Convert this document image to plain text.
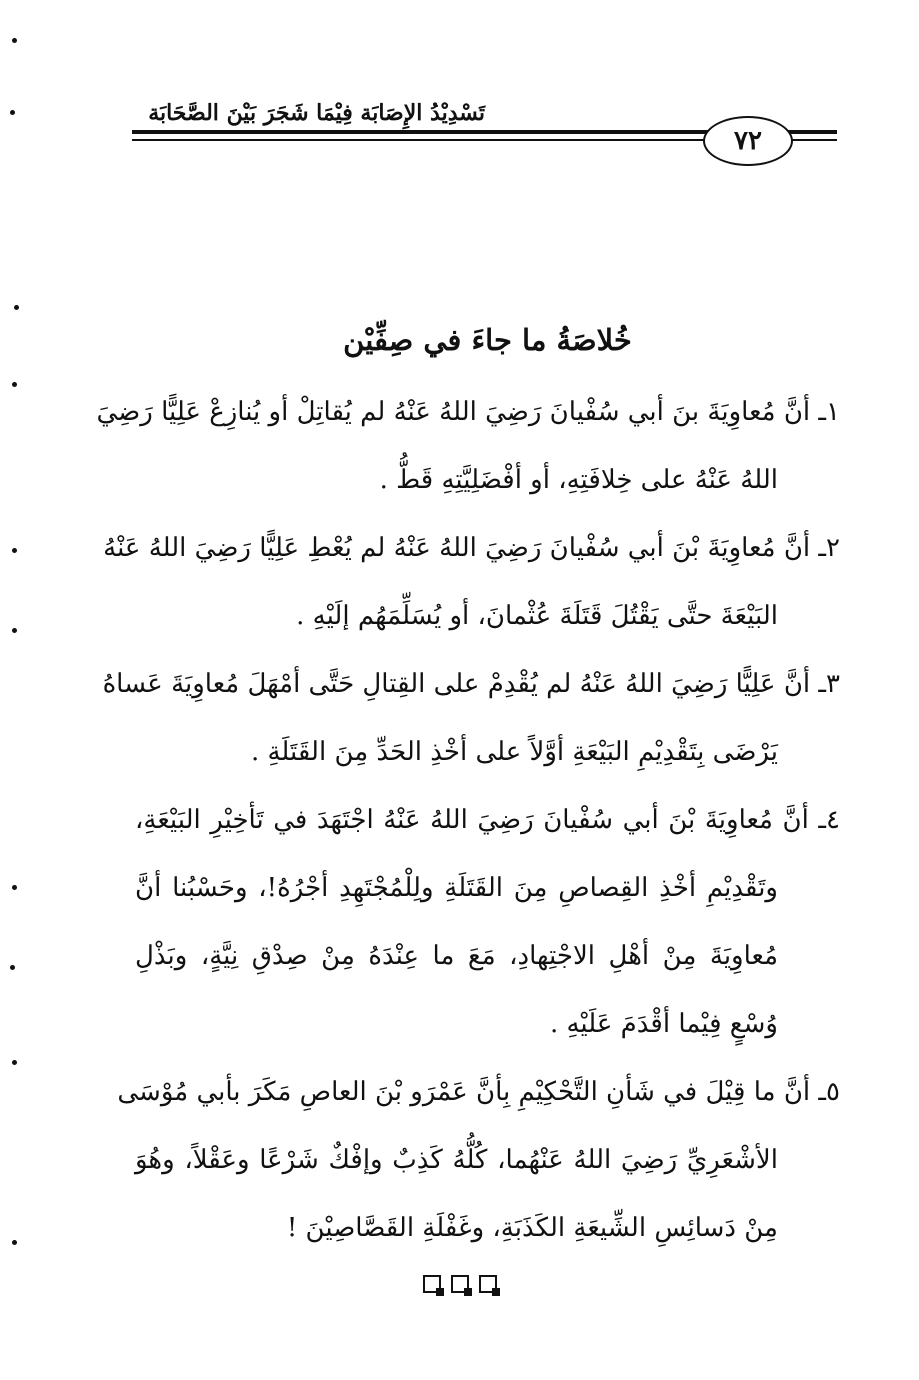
تَسْدِيْدُ الإِصَابَة فِيْمَا شَجَرَ بَيْنَ الصَّحَابَة
٧٢
خُلاصَةُ ما جاءَ في صِفِّيْن
١ـ أنَّ مُعاوِيَةَ بنَ أبي سُفْيانَ رَضِيَ اللهُ عَنْهُ لم يُقاتِلْ أو يُنازِعْ عَلِيًّا رَضِيَ
اللهُ عَنْهُ على خِلافَتِهِ، أو أفْضَلِيَّتِهِ قَطُّ .
٢ـ أنَّ مُعاوِيَةَ بْنَ أبي سُفْيانَ رَضِيَ اللهُ عَنْهُ لم يُعْطِ عَلِيًّا رَضِيَ اللهُ عَنْهُ
البَيْعَةَ حتَّى يَقْتُلَ قَتَلَةَ عُثْمانَ، أو يُسَلِّمَهُم إلَيْهِ .
٣ـ أنَّ عَلِيًّا رَضِيَ اللهُ عَنْهُ لم يُقْدِمْ على القِتالِ حَتَّى أمْهَلَ مُعاوِيَةَ عَساهُ
يَرْضَى بِتَقْدِيْمِ البَيْعَةِ أوَّلاً على أخْذِ الحَدِّ مِنَ القَتَلَةِ .
٤ـ أنَّ مُعاوِيَةَ بْنَ أبي سُفْيانَ رَضِيَ اللهُ عَنْهُ اجْتَهَدَ في تَأخِيْرِ البَيْعَةِ،
وتَقْدِيْمِ أخْذِ القِصاصِ مِنَ القَتَلَةِ ولِلْمُجْتَهِدِ أجْرُهُ!، وحَسْبُنا أنَّ
مُعاوِيَةَ مِنْ أهْلِ الاجْتِهادِ، مَعَ ما عِنْدَهُ مِنْ صِدْقِ نِيَّةٍ، وبَذْلِ
وُسْعٍ فِيْما أقْدَمَ عَلَيْهِ .
٥ـ أنَّ ما قِيْلَ في شَأنِ التَّحْكِيْمِ بِأنَّ عَمْرَو بْنَ العاصِ مَكَرَ بأبي مُوْسَى
الأشْعَرِيِّ رَضِيَ اللهُ عَنْهُما، كُلُّهُ كَذِبٌ وإفْكٌ شَرْعًا وعَقْلاً، وهُوَ
مِنْ دَسائِسِ الشِّيعَةِ الكَذَبَةِ، وغَفْلَةِ القَصَّاصِيْنَ !
